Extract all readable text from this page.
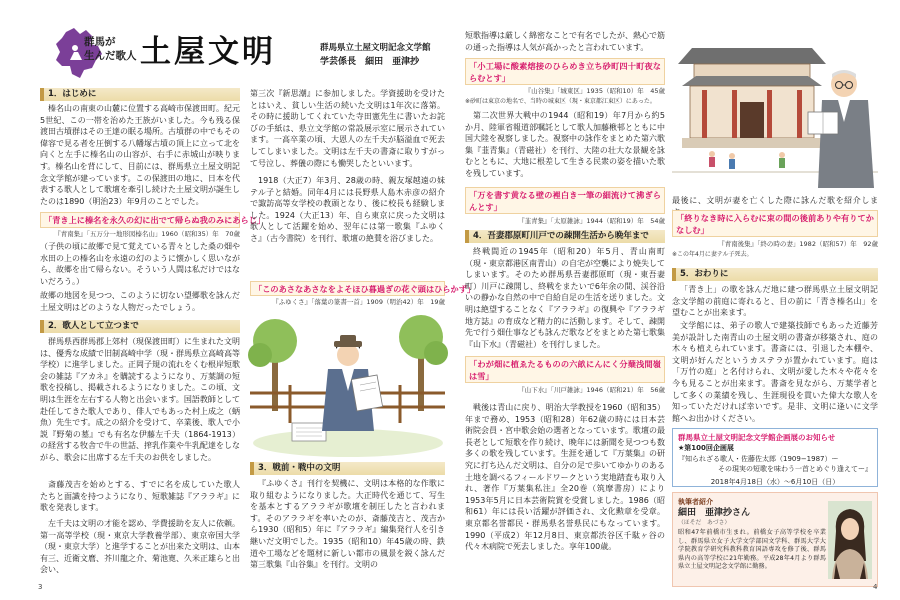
群馬が
生んだ歌人 土屋文明	群馬県立土屋文明記念文学館
学芸係長 細田　亜津抄
1．はじめに
榛名山の南東の山麓に位置する高崎市保渡田町。紀元5世紀、この一帯を治めた王族がいました。今も残る保渡田古墳群はその王達の眠る場所。古墳群の中でもその偉容で見る者を圧倒する八幡塚古墳の頂上に立って北を向くと左手に榛名山の山容が、右手に赤城山が映ります。榛名山を背にして、目前には、群馬県立土屋文明記念文学館が建っています。この保渡田の地に、日本を代表する歌人として歌壇を牽引し続けた土屋文明が誕生したのは1890（明治23）年9月のことでした。
「青き上に榛名を永久の幻に出でて帰らぬ我のみにあらじ」
『青南集』「五万分一地形図榛名山」1960（昭和35）年　70歳
（子供の頃に故郷で見て覚えている青々とした桑の畑や水田の上の榛名山を永遠の幻のように懐かしく思いながら、故郷を出て帰らない。そういう人間は私だけではないだろう。）
故郷の地図を見つつ、このように切ない望郷歌を詠んだ土屋文明はどのような人物だったでしょう。
2．歌人として立つまで
群馬県西群馬郡上郊村（現保渡田町）に生まれた文明は、優秀な成績で旧制高崎中学（現・群馬県立高崎高等学校）に進学しました。正岡子規の流れをくむ根岸短歌会の雑誌『アカネ』を購読するようになり、万葉調の短歌を投稿し、掲載されるようになりました。この頃、文明は生涯を左右する人物と出会います。国語教師として赴任してきた歌人であり、俳人でもあった村上成之（蛃魚）先生です。成之の紹介を受けて、卒業後、歌人で小説『野菊の墓』でも有名な伊藤左千夫（1864-1913）の経営する牧舎で牛の世話、搾乳作業や牛乳配達をしながら、歌会に出席する左千夫のお供をしました。
斎藤茂吉を始めとする、すでに名を成していた歌人たちと面識を持つようになり、短歌雑誌『アララギ』に歌を発表します。
左千夫は文明の才能を認め、学費援助を友人に依頼。第一高等学校（現・東京大学教養学部）、東京帝国大学（現・東京大学）と進学することが出来た文明は、山本有三、近衛文麿、芥川龍之介、菊池寛、久米正雄らと出会い、
第三次『新思潮』に参加しました。学資援助を受けたとはいえ、貧しい生活の続いた文明は1年次に落第。その時に援助してくれていた寺田憲先生に書いたお詫びの手紙は、県立文学館の常設展示室に展示されています。一高卒業の頃、大恩人の左千夫が脳溢血で死去してしまいました。文明は左千夫の書斎に取りすがって号泣し、葬儀の際にも慟哭したといいます。
1918（大正7）年3月、28歳の時、親友塚越遠の妹テル子と結婚。同年4月には長野県人島木赤彦の紹介で諏訪高等女学校の教頭となり、後に校長も経験しました。1924（大正13）年、自ら東京に戻った文明は歌人として活躍を始め、翌年には第一歌集『ふゆくさ』（古今書院）を刊行、歌壇の絶賛を浴びました。
「このあさなあさなをよそほひ暮過ぎの花ぐ頭はひらかず」
『ふゆくさ』「落葉の篆書一首」1909（明治42）年　19歳
3．戦前・戦中の文明
『ふゆくさ』刊行を契機に、文明は本格的な作歌に取り組むようになりました。大正時代を通じて、写生を基本とするアララギが歌壇を制圧したと言われます。そのアララギを率いたのが、斎藤茂吉と、茂吉から1930（昭和5）年に『アララギ』編集発行人を引き継いだ文明でした。1935（昭和10）年45歳の時、鉄道や工場などを題材に新しい都市の風景を鋭く詠んだ第三歌集『山谷集』を刊行。文明の
短歌指導は厳しく綿密なことで有名でしたが、熱心で筋の通った指導は人気が高かったと言われています。
「小工場に酸素熔接のひらめき立ち砂町四十町夜ならむとす」
『山谷集』「城東区」1935（昭和10）年　45歳
※砂町は東京の地名で、当時の城東区（現・東京都江東区）にあった。
第二次世界大戦中の1944（昭和19）年7月から約5か月、陸軍省報道部嘱託として歌人加藤楸邨とともに中国大陸を視察しました。視察中の詠作をまとめた第六歌集『韮青集』（青磁社）を刊行、大陸の壮大な景観を詠むとともに、大地に根差して生きる民衆の姿を描いた歌を残しています。
「万を書す黄なる壁の裡白き一筆の細流けて沸ぎらんとす」
『韮青集』「太原雑詠」1944（昭和19）年　54歳
4．吾妻郡原町川戸での疎開生活から晩年まで
終戦間近の1945年（昭和20）年5月、青山南町（現・東京都港区南青山）の自宅が空襲により焼失してしまいます。そのため群馬県吾妻郡原町（現・東吾妻町）川戸に疎開し、終戦をまたいで6年余の間、渓谷沿いの静かな自然の中で自給自足の生活を送りました。文明は絶望することなく『アララギ』の復興や『アララギ地方誌』の育成など精力的に活動します。そして、疎開先で行う畑仕事なども詠んだ歌などをまとめた第七歌集『山下水』（青磁社）を刊行しました。
「わが畑に植ゑたるものの六畝にんにく分蘖浅間嶺は雪」
『山下水』「川戸雑詠」1946（昭和21）年　56歳
戦後は青山に戻り、明治大学教授を1960（昭和35）年まで務め、1953（昭和28）年62歳の時には日本芸術院会員・宮中歌会始の選者となっています。歌壇の最長老として短歌を作り続け、晩年には新聞を見つつも数多くの歌を残しています。生涯を通して『万葉集』の研究に打ち込んだ文明は、自分の足で歩いてゆかりのある土地を調べるフィールドワークという実地踏査も取り入れ、著作『万葉集私注』全20巻（筑摩書房）により1953年5月に日本芸術院賞を受賞しました。1986（昭和61）年には長い活躍が評価され、文化勲章を受章。東京都名誉都民・群馬県名誉県民にもなっています。1990（平成2）年12月8日、東京都渋谷区千駄ヶ谷の代々木病院で死去しました。享年100歳。
最後に、文明が妻を亡くした際に詠んだ歌を紹介しま
「終りなき時に入らむに束の間の後前ありや有りてかなしむ」
『青南後集』「終の時の妻」1982（昭和57）年　92歳
※この年4月に妻テル子死去。
5．おわりに
「青き上」の歌を詠んだ地に建つ群馬県立土屋文明記念文学館の前庭に寄れると、目の前に「青き榛名山」を望むことが出来ます。
文学館には、弟子の歌人で建築技師でもあった近藤芳美が設計した南青山の土屋文明の書斎が移築され、庭の木々も植えられています。書斎には、引退した本棚や、文明が好んだというカステラが置かれています。庭は「万竹の庭」と名付けられ、文明が愛した木々や花々を今も見ることが出来ます。書斎を見ながら、万葉学者として多くの業績を残し、生涯現役を貫いた偉大な歌人を知っていただければ幸いです。是非、文明に逢いに文学館へお出かけください。
群馬県立土屋文明記念文学館企画展のお知らせ
★第100回企画展
『知られざる歌人・佐藤佐太郎（1909−1987）ー
その現実の短歌を味わう一首とめぐり逢えてー』
2018年4月18日（水）〜6月10日（日）
執筆者紹介
細田　亜津抄さん
（ほそだ　あづさ）
昭和47年前橋市生まれ。前橋女子高等学校を卒業し、群馬県立女子大学文学部国文学科、群馬大学大学院教育学研究科教科教育国語専攻を修了後、群馬県内の高等学校に21年勤務。平成28年4月より群馬県立土屋文明記念文学館に勤務。
3	4
